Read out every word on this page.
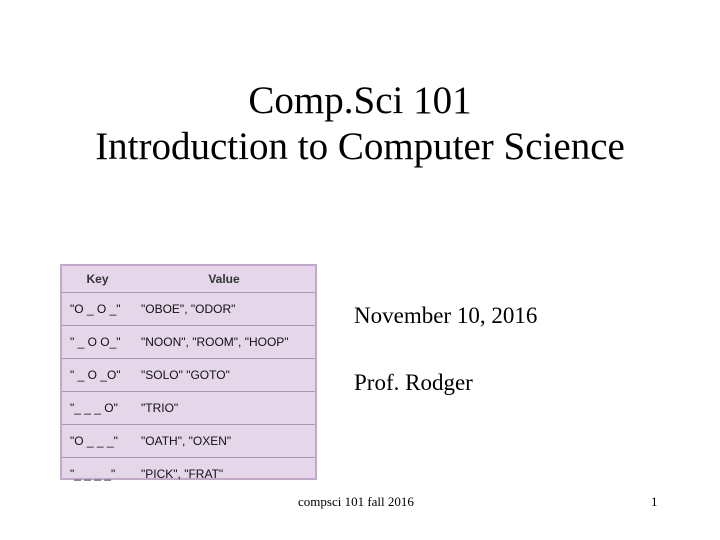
Comp.Sci 101
Introduction to Computer Science
Key	Value
"O _ O _"	"OBOE", "ODOR"
" _ O O_"	"NOON", "ROOM", "HOOP"
" _ O _O"	"SOLO" "GOTO"
"_ _ _ O"	"TRIO"
"O _ _ _"	"OATH", "OXEN"
"_ _ _ _"	"PICK", "FRAT"
November 10, 2016
Prof. Rodger
compsci 101 fall 2016	1
